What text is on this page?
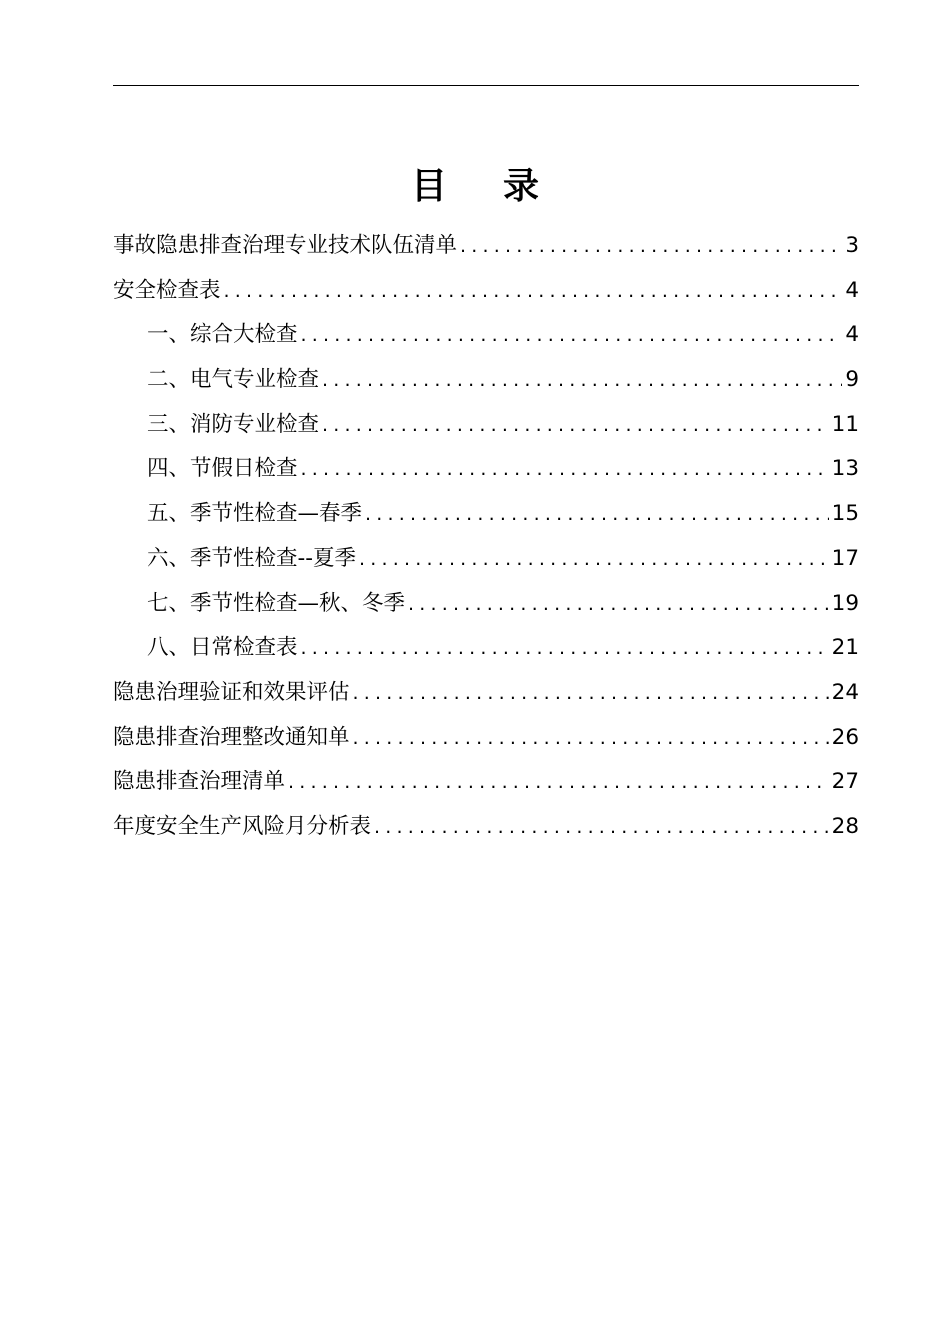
目 录
事故隐患排查治理专业技术队伍清单 .....	3
安全检查表 .....	4
一、综合大检查 .....	4
二、电气专业检查 .....	9
三、消防专业检查 .....	11
四、节假日检查 .....	13
五、季节性检查—春季 .....	15
六、季节性检查--夏季 .....	17
七、季节性检查—秋、冬季 .....	19
八、日常检查表 .....	21
隐患治理验证和效果评估 .....	24
隐患排查治理整改通知单 .....	26
隐患排查治理清单 .....	27
年度安全生产风险月分析表 .....	28
